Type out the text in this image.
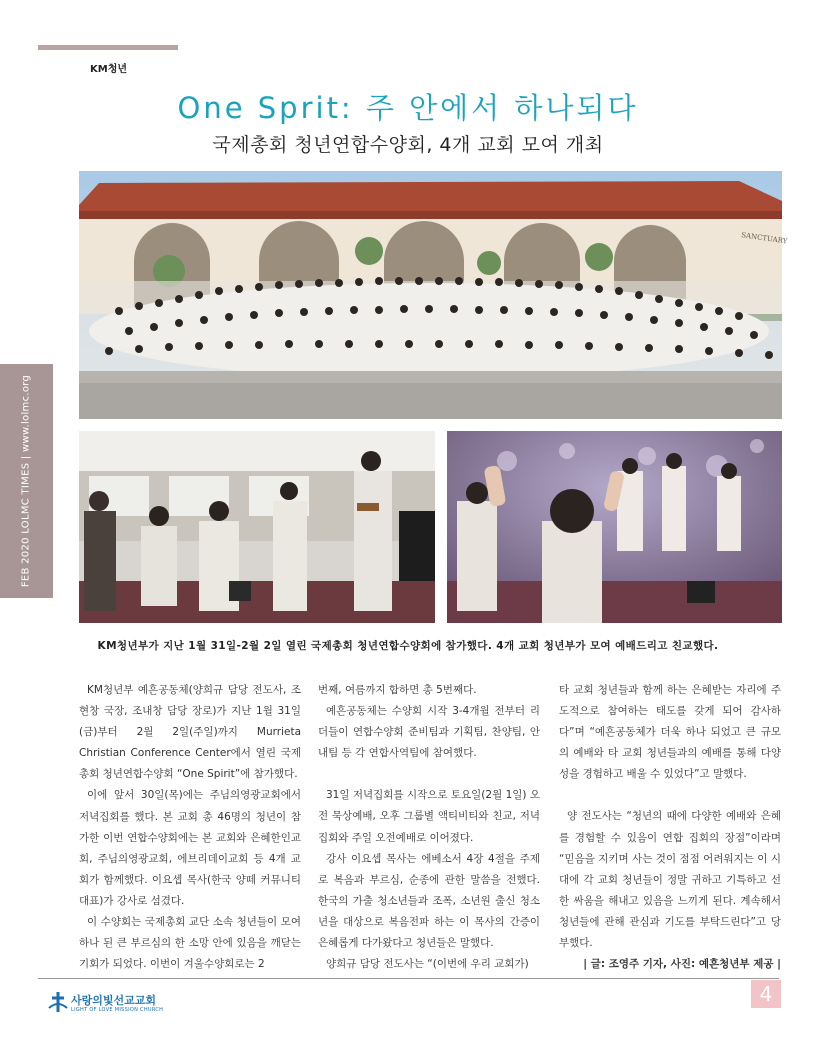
KM청년
One Sprit: 주 안에서 하나되다
국제총회 청년연합수양회, 4개 교회 모여 개최
FEB 2020 LOLMC TIMES | www.lolmc.org
SANCTUARY
KM청년부가 지난 1월 31일-2월 2일 열린 국제총회 청년연합수양회에 참가했다. 4개 교회 청년부가 모여 예배드리고 친교했다.

KM청년부 예흔공동체(양희규 담당 전도사, 조현창 국장, 조내창 담당 장로)가 지난 1월 31일(금)부터 2월 2일(주일)까지 Murrieta Christian Conference Center에서 열린 국제총회 청년연합수양회 “One Spirit”에 참가했다.

이에 앞서 30일(목)에는 주님의영광교회에서 저녁집회를 했다. 본 교회 총 46명의 청년이 참가한 이번 연합수양회에는 본 교회와 은혜한인교회, 주님의영광교회, 에브리데이교회 등 4개 교회가 함께했다. 이요셉 목사(한국 양떼 커뮤니티 대표)가 강사로 섬겼다.

이 수양회는 국제총회 교단 소속 청년들이 모여 하나 된 큰 부르심의 한 소망 안에 있음을 깨닫는 기회가 되었다. 이번이 겨울수양회로는 2

번째, 여름까지 합하면 총 5번째다.

예흔공동체는 수양회 시작 3-4개월 전부터 리더들이 연합수양회 준비팀과 기획팀, 찬양팀, 안내팀 등 각 연합사역팀에 참여했다.

31일 저녁집회를 시작으로 토요일(2월 1일) 오전 묵상예배, 오후 그룹별 액티비티와 친교, 저녁집회와 주일 오전예배로 이어졌다.

강사 이요셉 목사는 에베소서 4장 4절을 주제로 복음과 부르심, 순종에 관한 말씀을 전했다. 한국의 가출 청소년들과 조폭, 소년원 출신 청소년을 대상으로 복음전파 하는 이 목사의 간증이 은혜롭게 다가왔다고 청년들은 말했다.

양희규 담당 전도사는 “(이번에 우리 교회가)

타 교회 청년들과 함께 하는 은혜받는 자리에 주도적으로 참여하는 태도를 갖게 되어 감사하다”며 “예흔공동체가 더욱 하나 되었고 큰 규모의 예배와 타 교회 청년들과의 예배를 통해 다양성을 경험하고 배울 수 있었다”고 말했다.

양 전도사는 “청년의 때에 다양한 예배와 은혜를 경험할 수 있음이 연합 집회의 장점”이라며 “믿음을 지키며 사는 것이 점점 어려워지는 이 시대에 각 교회 청년들이 정말 귀하고 기특하고 선한 싸움을 해내고 있음을 느끼게 된다. 계속해서 청년들에 관해 관심과 기도를 부탁드린다”고 당부했다.

| 글: 조영주 기자, 사진: 예흔청년부 제공 |

사랑의빛선교교회
LIGHT OF LOVE MISSION CHURCH
4
